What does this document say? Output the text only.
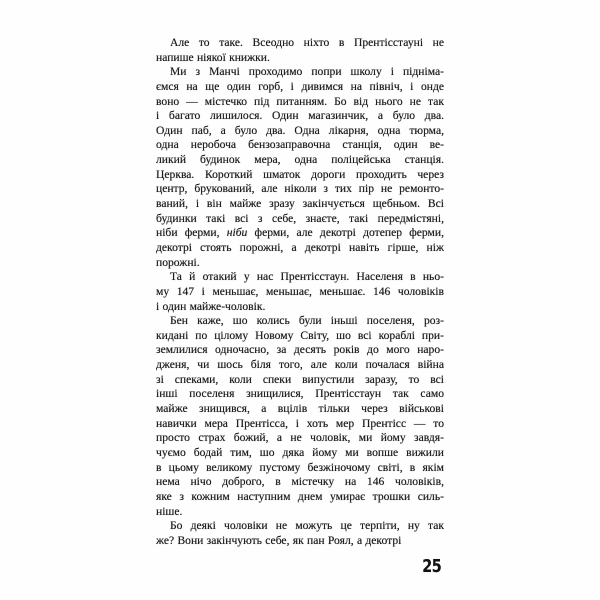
Але то таке. Всеодно ніхто в Прентісстауні не
напише ніякої книжки.
Ми з Манчі проходимо попри школу і підніма-
ємся на ще один горб, і дивимся на північ, і онде
воно — містечко під питанням. Бо від нього не так
і багато лишилося. Один магазинчик, а було два.
Один паб, а було два. Одна лікарня, одна тюрма,
одна неробоча бензозаправочна станція, один ве-
ликий будинок мера, одна поліцейська станція.
Церква. Короткий шматок дороги проходить через
центр, брукований, але ніколи з тих пір не ремонто-
ваний, і він майже зразу закінчується щебньом. Всі
будинки такі всі з себе, знаєте, такі передмістяні,
ніби ферми, ніби ферми, але декотрі дотепер ферми,
декотрі стоять порожні, а декотрі навіть гірше, ніж
порожні.
Та й отакий у нас Прентісстаун. Населеня в ньо-
му 147 і меньшає, меньшає, меньшає. 146 чоловіків
і один майже-чоловік.
Бен каже, шо колись були іньші поселеня, роз-
кидані по цілому Новому Світу, шо всі кораблі при-
землилися одночасно, за десять років до мого наро-
дженя, чи шось біля того, але коли почалася війна
зі спеками, коли спеки випустили заразу, то всі
інші поселеня знищилися, Прентісстаун так само
майже знищився, а вцілів тільки через військові
навички мера Прентісса, і хоть мер Прентісс — то
просто страх божий, а не чоловік, ми йому завдя-
чуємо бодай тим, шо дяка йому ми вопше вижили
в цьому великому пустому безжіночому світі, в якім
нема нічо доброго, в містечку на 146 чоловіків,
яке з кожним наступним днем умирає трошки силь-
ніше.
Бо деякі чоловіки не можуть це терпіти, ну так
же? Вони закінчують себе, як пан Роял, а декотрі
25
